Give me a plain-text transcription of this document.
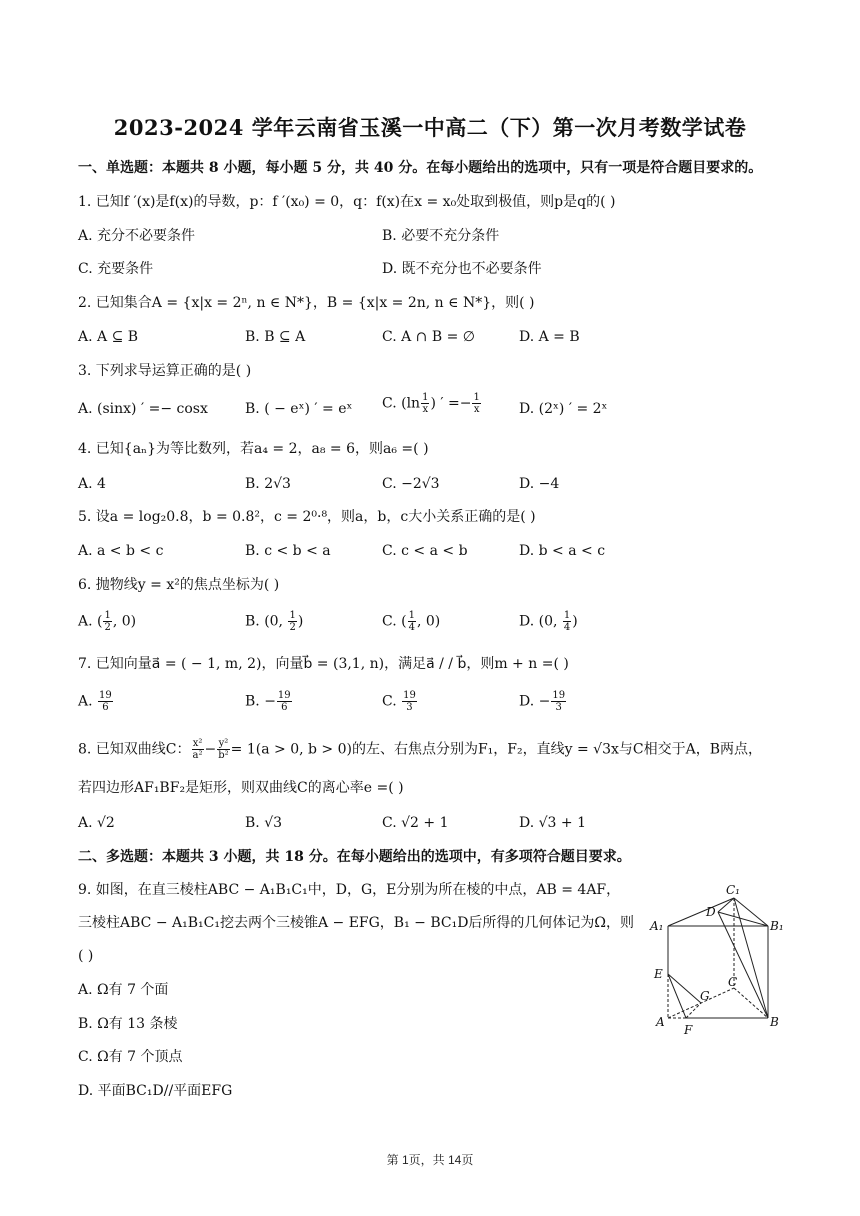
2023-2024 学年云南省玉溪一中高二（下）第一次月考数学试卷
一、单选题：本题共 8 小题，每小题 5 分，共 40 分。在每小题给出的选项中，只有一项是符合题目要求的。
1. 已知f ′(x)是f(x)的导数，p：f ′(x₀) = 0，q：f(x)在x = x₀处取到极值，则p是q的( )
A. 充分不必要条件	B. 必要不充分条件
C. 充要条件	D. 既不充分也不必要条件
2. 已知集合A = {x|x = 2ⁿ, n ∈ N*}，B = {x|x = 2n, n ∈ N*}，则( )
A. A ⊆ B	B. B ⊆ A	C. A ∩ B = ∅	D. A = B
3. 下列求导运算正确的是( )
A. (sinx) ′ =− cosx	B. ( − eˣ) ′ = eˣ C. ($\ln \frac{1}{x}$ ) ′ =− $\frac{1}{x}$	D. (2ˣ) ′ = 2ˣ
4. 已知{aₙ}为等比数列，若a₄ = 2，a₈ = 6，则a₆ =( )
A. 4	B. 2√3	C. −2√3	D. −4
5. 设a = log₂0.8，b = 0.8²，c = 2⁰·⁸，则a，b，c大小关系正确的是( )
A. a < b < c	B. c < b < a	C. c < a < b	D. b < a < c
6. 抛物线y = x²的焦点坐标为( )
A. ( $\frac{1}{2}$ , 0)	B. (0, $\frac{1}{2}$ )	C. ( $\frac{1}{4}$ , 0)	D. (0, $\frac{1}{4}$ )
7. 已知向量a⃗ = ( − 1, m, 2)，向量b⃗ = (3,1, n)，满足a⃗ / / b⃗，则m + n =( )
A. $\frac{19}{6}$	B. − $\frac{19}{6}$	C. $\frac{19}{3}$	D. − $\frac{19}{3}$
8. 已知双曲线C： $\frac{\text{x²}}{\text{a²}} - \frac{\text{y²}}{\text{b²}} = 1(a > 0$, b > 0)的左、右焦点分别为F₁，F₂，直线y = √3x与C相交于A，B两点，
若四边形AF₁BF₂是矩形，则双曲线C的离心率e =( )
A. √2	B. √3	C. √2 + 1	D. √3 + 1
二、多选题：本题共 3 小题，共 18 分。在每小题给出的选项中，有多项符合题目要求。
9. 如图，在直三棱柱ABC − A₁B₁C₁中，D，G，E分别为所在棱的中点，AB = 4AF，
三棱柱ABC − A₁B₁C₁挖去两个三棱锥A − EFG，B₁ − BC₁D后所得的几何体记为Ω，则
( )
A. Ω有 7 个面
B. Ω有 13 条棱
C. Ω有 7 个顶点
D. 平面BC₁D//平面EFG
C₁
A₁	B₁
D
E
G
C
A
F
B
第 1页，共 14页
